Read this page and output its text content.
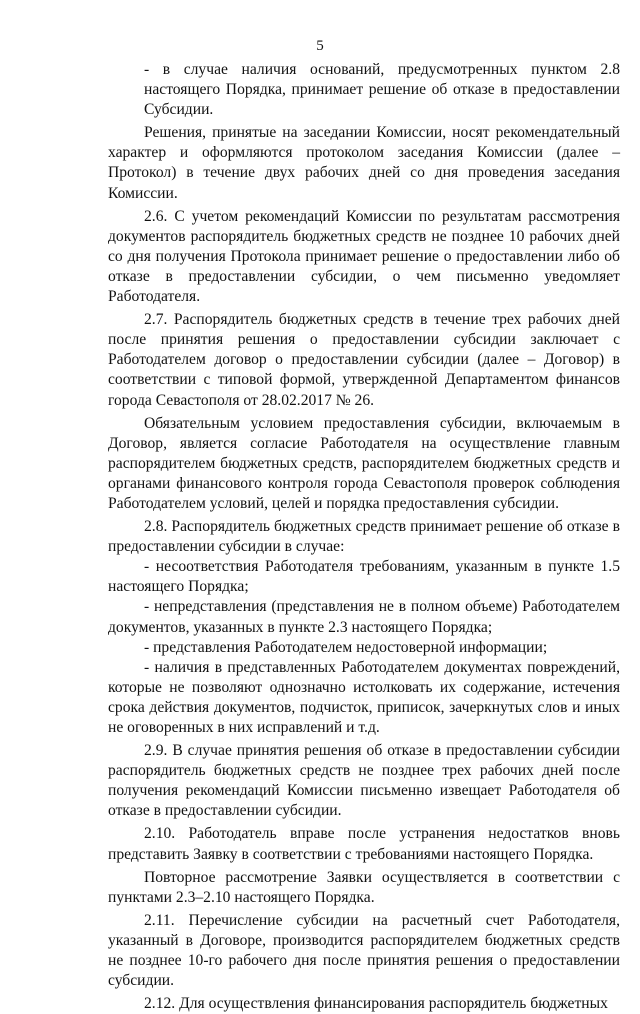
5

- в случае наличия оснований, предусмотренных пунктом 2.8 настоящего Порядка, принимает решение об отказе в предоставлении Субсидии.

Решения, принятые на заседании Комиссии, носят рекомендательный характер и оформляются протоколом заседания Комиссии (далее – Протокол) в течение двух рабочих дней со дня проведения заседания Комиссии.

2.6. С учетом рекомендаций Комиссии по результатам рассмотрения документов распорядитель бюджетных средств не позднее 10 рабочих дней со дня получения Протокола принимает решение о предоставлении либо об отказе в предоставлении субсидии, о чем письменно уведомляет Работодателя.

2.7. Распорядитель бюджетных средств в течение трех рабочих дней после принятия решения о предоставлении субсидии заключает с Работодателем договор о предоставлении субсидии (далее – Договор) в соответствии с типовой формой, утвержденной Департаментом финансов города Севастополя от 28.02.2017 № 26.

Обязательным условием предоставления субсидии, включаемым в Договор, является согласие Работодателя на осуществление главным распорядителем бюджетных средств, распорядителем бюджетных средств и органами финансового контроля города Севастополя проверок соблюдения Работодателем условий, целей и порядка предоставления субсидии.

2.8. Распорядитель бюджетных средств принимает решение об отказе в предоставлении субсидии в случае:

- несоответствия Работодателя требованиям, указанным в пункте 1.5 настоящего Порядка;

- непредставления (представления не в полном объеме) Работодателем документов, указанных в пункте 2.3 настоящего Порядка;

- представления Работодателем недостоверной информации;

- наличия в представленных Работодателем документах повреждений, которые не позволяют однозначно истолковать их содержание, истечения срока действия документов, подчисток, приписок, зачеркнутых слов и иных не оговоренных в них исправлений и т.д.

2.9. В случае принятия решения об отказе в предоставлении субсидии распорядитель бюджетных средств не позднее трех рабочих дней после получения рекомендаций Комиссии письменно извещает Работодателя об отказе в предоставлении субсидии.

2.10. Работодатель вправе после устранения недостатков вновь представить Заявку в соответствии с требованиями настоящего Порядка.

Повторное рассмотрение Заявки осуществляется в соответствии с пунктами 2.3–2.10 настоящего Порядка.

2.11. Перечисление субсидии на расчетный счет Работодателя, указанный в Договоре, производится распорядителем бюджетных средств не позднее 10-го рабочего дня после принятия решения о предоставлении субсидии.

2.12. Для осуществления финансирования распорядитель бюджетных
